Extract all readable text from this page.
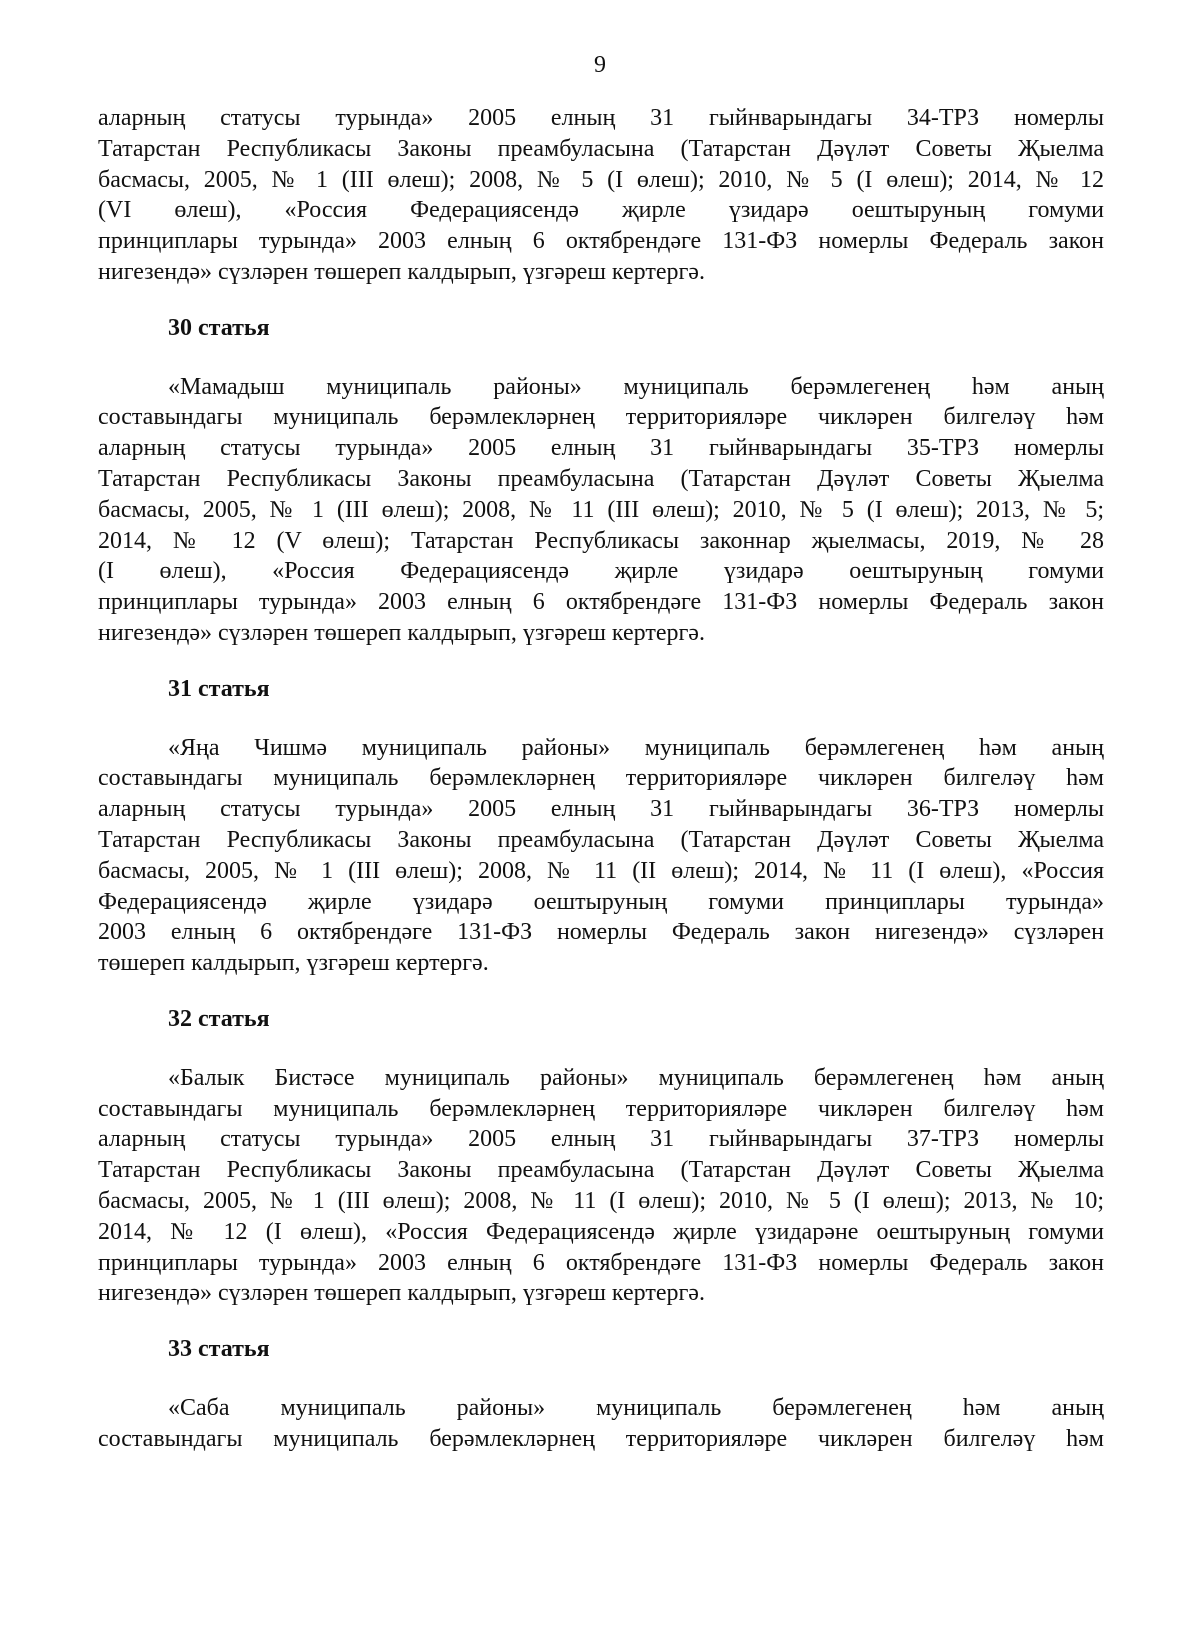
9
аларның статусы турында» 2005 елның 31 гыйнварындагы 34-ТРЗ номерлы
Татарстан Республикасы Законы преамбуласына (Татарстан Дәүләт Советы Җыелма
басмасы, 2005, № 1 (III өлеш); 2008, № 5 (I өлеш); 2010, № 5 (I өлеш); 2014, № 12
(VI өлеш), «Россия Федерациясендә җирле үзидарә оештыруның гомуми
принциплары турында» 2003 елның 6 октябрендәге 131-ФЗ номерлы Федераль закон
нигезендә» сүзләрен төшереп калдырып, үзгәреш кертергә.
30 статья
«Мамадыш муниципаль районы» муниципаль берәмлегенең һәм аның
составындагы муниципаль берәмлекләрнең территорияләре чикләрен билгеләү һәм
аларның статусы турында» 2005 елның 31 гыйнварындагы 35-ТРЗ номерлы
Татарстан Республикасы Законы преамбуласына (Татарстан Дәүләт Советы Җыелма
басмасы, 2005, № 1 (III өлеш); 2008, № 11 (III өлеш); 2010, № 5 (I өлеш); 2013, № 5;
2014, № 12 (V өлеш); Татарстан Республикасы законнар җыелмасы, 2019, № 28
(I өлеш), «Россия Федерациясендә җирле үзидарә оештыруның гомуми
принциплары турында» 2003 елның 6 октябрендәге 131-ФЗ номерлы Федераль закон
нигезендә» сүзләрен төшереп калдырып, үзгәреш кертергә.
31 статья
«Яңа Чишмә муниципаль районы» муниципаль берәмлегенең һәм аның
составындагы муниципаль берәмлекләрнең территорияләре чикләрен билгеләү һәм
аларның статусы турында» 2005 елның 31 гыйнварындагы 36-ТРЗ номерлы
Татарстан Республикасы Законы преамбуласына (Татарстан Дәүләт Советы Җыелма
басмасы, 2005, № 1 (III өлеш); 2008, № 11 (II өлеш); 2014, № 11 (I өлеш), «Россия
Федерациясендә җирле үзидарә оештыруның гомуми принциплары турында»
2003 елның 6 октябрендәге 131-ФЗ номерлы Федераль закон нигезендә» сүзләрен
төшереп калдырып, үзгәреш кертергә.
32 статья
«Балык Бистәсе муниципаль районы» муниципаль берәмлегенең һәм аның
составындагы муниципаль берәмлекләрнең территорияләре чикләрен билгеләү һәм
аларның статусы турында» 2005 елның 31 гыйнварындагы 37-ТРЗ номерлы
Татарстан Республикасы Законы преамбуласына (Татарстан Дәүләт Советы Җыелма
басмасы, 2005, № 1 (III өлеш); 2008, № 11 (I өлеш); 2010, № 5 (I өлеш); 2013, № 10;
2014, № 12 (I өлеш), «Россия Федерациясендә җирле үзидарәне оештыруның гомуми
принциплары турында» 2003 елның 6 октябрендәге 131-ФЗ номерлы Федераль закон
нигезендә» сүзләрен төшереп калдырып, үзгәреш кертергә.
33 статья
«Саба муниципаль районы» муниципаль берәмлегенең һәм аның
составындагы муниципаль берәмлекләрнең территорияләре чикләрен билгеләү һәм
